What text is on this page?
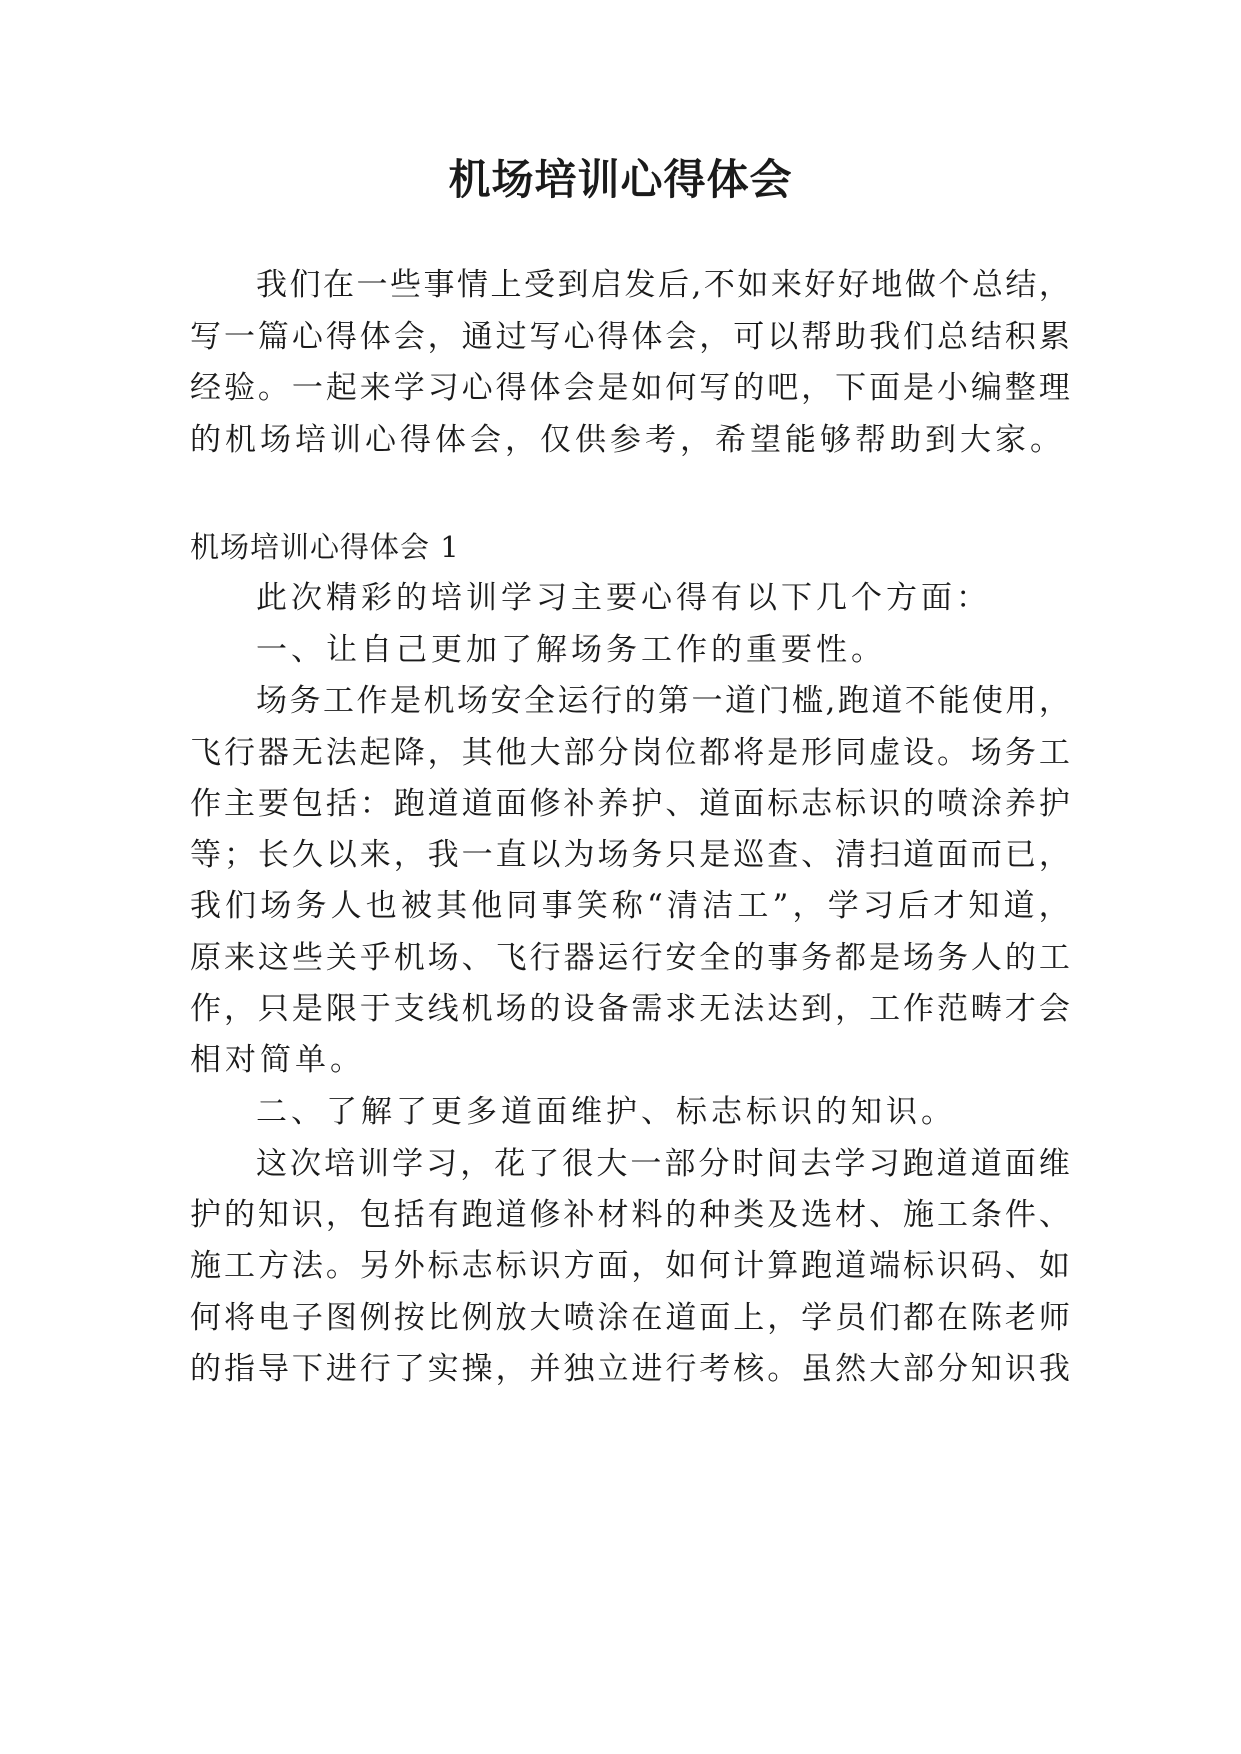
机场培训心得体会
我 们 在 一 些 事 情 上 受 到 启 发 后 , 不 如 来 好 好 地 做 个 总 结 ，
写 一 篇 心 得 体 会 ， 通 过 写 心 得 体 会 ， 可 以 帮 助 我 们 总 结 积 累
经 验 。 一 起 来 学 习 心 得 体 会 是 如 何 写 的 吧 ， 下 面 是 小 编 整 理
的机场培训心得体会，仅供参考，希望能够帮助到大家。
机场培训心得体会 1
此次精彩的培训学习主要心得有以下几个方面：
一、让自己更加了解场务工作的重要性。
场 务 工 作 是 机 场 安 全 运 行 的 第 一 道 门 槛 , 跑 道 不 能 使 用 ，
飞 行 器 无 法 起 降 ， 其 他 大 部 分 岗 位 都 将 是 形 同 虚 设 。 场 务 工
作 主 要 包 括 ： 跑 道 道 面 修 补 养 护 、 道 面 标 志 标 识 的 喷 涂 养 护
等 ； 长 久 以 来 ， 我 一 直 以 为 场 务 只 是 巡 查 、 清 扫 道 面 而 已 ，
我 们 场 务 人 也 被 其 他 同 事 笑 称 “ 清 洁 工 ” ， 学 习 后 才 知 道 ，
原 来 这 些 关 乎 机 场 、 飞 行 器 运 行 安 全 的 事 务 都 是 场 务 人 的 工
作 ， 只 是 限 于 支 线 机 场 的 设 备 需 求 无 法 达 到 ， 工 作 范 畴 才 会
相对简单。
二、了解了更多道面维护、标志标识的知识。
这 次 培 训 学 习 ， 花 了 很 大 一 部 分 时 间 去 学 习 跑 道 道 面 维
护 的 知 识 ， 包 括 有 跑 道 修 补 材 料 的 种 类 及 选 材 、 施 工 条 件 、
施 工 方 法 。 另 外 标 志 标 识 方 面 ， 如 何 计 算 跑 道 端 标 识 码 、 如
何 将 电 子 图 例 按 比 例 放 大 喷 涂 在 道 面 上 ， 学 员 们 都 在 陈 老 师
的 指 导 下 进 行 了 实 操 ， 并 独 立 进 行 考 核 。 虽 然 大 部 分 知 识 我
